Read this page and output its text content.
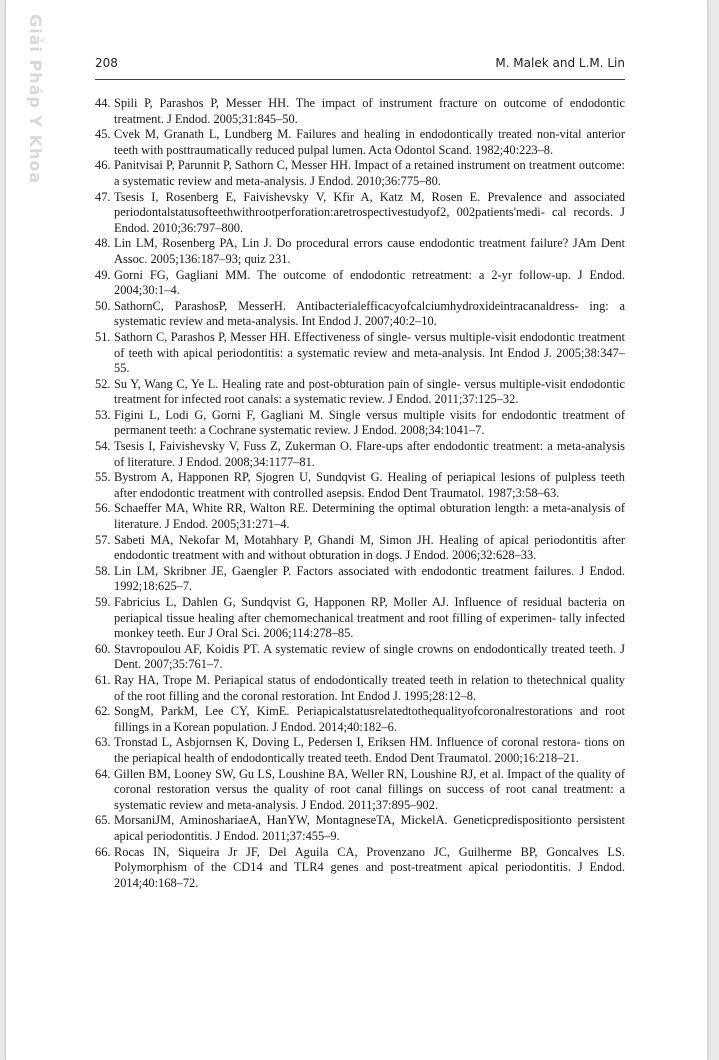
Giải Pháp Y Khoa	208	M. Malek and L.M. Lin
44. Spili P, Parashos P, Messer HH. The impact of instrument fracture on outcome of endodontic treatment. J Endod. 2005;31:845–50.
45. Cvek M, Granath L, Lundberg M. Failures and healing in endodontically treated non-vital anterior teeth with posttraumatically reduced pulpal lumen. Acta Odontol Scand. 1982;40:223–8.
46. Panitvisai P, Parunnit P, Sathorn C, Messer HH. Impact of a retained instrument on treatment outcome: a systematic review and meta-analysis. J Endod. 2010;36:775–80.
47. Tsesis I, Rosenberg E, Faivishevsky V, Kfir A, Katz M, Rosen E. Prevalence and associated periodontalstatusofteethwithrootperforation:aretrospectivestudyof2, 002patients'medi- cal records. J Endod. 2010;36:797–800.
48. Lin LM, Rosenberg PA, Lin J. Do procedural errors cause endodontic treatment failure? JAm Dent Assoc. 2005;136:187–93; quiz 231.
49. Gorni FG, Gagliani MM. The outcome of endodontic retreatment: a 2-yr follow-up. J Endod. 2004;30:1–4.
50. SathornC, ParashosP, MesserH. Antibacterialefficacyofcalciumhydroxideintracanaldress- ing: a systematic review and meta-analysis. Int Endod J. 2007;40:2–10.
51. Sathorn C, Parashos P, Messer HH. Effectiveness of single- versus multiple-visit endodontic treatment of teeth with apical periodontitis: a systematic review and meta-analysis. Int Endod J. 2005;38:347–55.
52. Su Y, Wang C, Ye L. Healing rate and post-obturation pain of single- versus multiple-visit endodontic treatment for infected root canals: a systematic review. J Endod. 2011;37:125–32.
53. Figini L, Lodi G, Gorni F, Gagliani M. Single versus multiple visits for endodontic treatment of permanent teeth: a Cochrane systematic review. J Endod. 2008;34:1041–7.
54. Tsesis I, Faivishevsky V, Fuss Z, Zukerman O. Flare-ups after endodontic treatment: a meta-analysis of literature. J Endod. 2008;34:1177–81.
55. Bystrom A, Happonen RP, Sjogren U, Sundqvist G. Healing of periapical lesions of pulpless teeth after endodontic treatment with controlled asepsis. Endod Dent Traumatol. 1987;3:58–63.
56. Schaeffer MA, White RR, Walton RE. Determining the optimal obturation length: a meta-analysis of literature. J Endod. 2005;31:271–4.
57. Sabeti MA, Nekofar M, Motahhary P, Ghandi M, Simon JH. Healing of apical periodontitis after endodontic treatment with and without obturation in dogs. J Endod. 2006;32:628–33.
58. Lin LM, Skribner JE, Gaengler P. Factors associated with endodontic treatment failures. J Endod. 1992;18:625–7.
59. Fabricius L, Dahlen G, Sundqvist G, Happonen RP, Moller AJ. Influence of residual bacteria on periapical tissue healing after chemomechanical treatment and root filling of experimen- tally infected monkey teeth. Eur J Oral Sci. 2006;114:278–85.
60. Stavropoulou AF, Koidis PT. A systematic review of single crowns on endodontically treated teeth. J Dent. 2007;35:761–7.
61. Ray HA, Trope M. Periapical status of endodontically treated teeth in relation to thetechnical quality of the root filling and the coronal restoration. Int Endod J. 1995;28:12–8.
62. SongM, ParkM, Lee CY, KimE. Periapicalstatusrelatedtothequalityofcoronalrestorations and root fillings in a Korean population. J Endod. 2014;40:182–6.
63. Tronstad L, Asbjornsen K, Doving L, Pedersen I, Eriksen HM. Influence of coronal restora- tions on the periapical health of endodontically treated teeth. Endod Dent Traumatol. 2000;16:218–21.
64. Gillen BM, Looney SW, Gu LS, Loushine BA, Weller RN, Loushine RJ, et al. Impact of the quality of coronal restoration versus the quality of root canal fillings on success of root canal treatment: a systematic review and meta-analysis. J Endod. 2011;37:895–902.
65. MorsaniJM, AminoshariaeA, HanYW, MontagneseTA, MickelA. Geneticpredispositionto persistent apical periodontitis. J Endod. 2011;37:455–9.
66. Rocas IN, Siqueira Jr JF, Del Aguila CA, Provenzano JC, Guilherme BP, Goncalves LS. Polymorphism of the CD14 and TLR4 genes and post-treatment apical periodontitis. J Endod. 2014;40:168–72.
